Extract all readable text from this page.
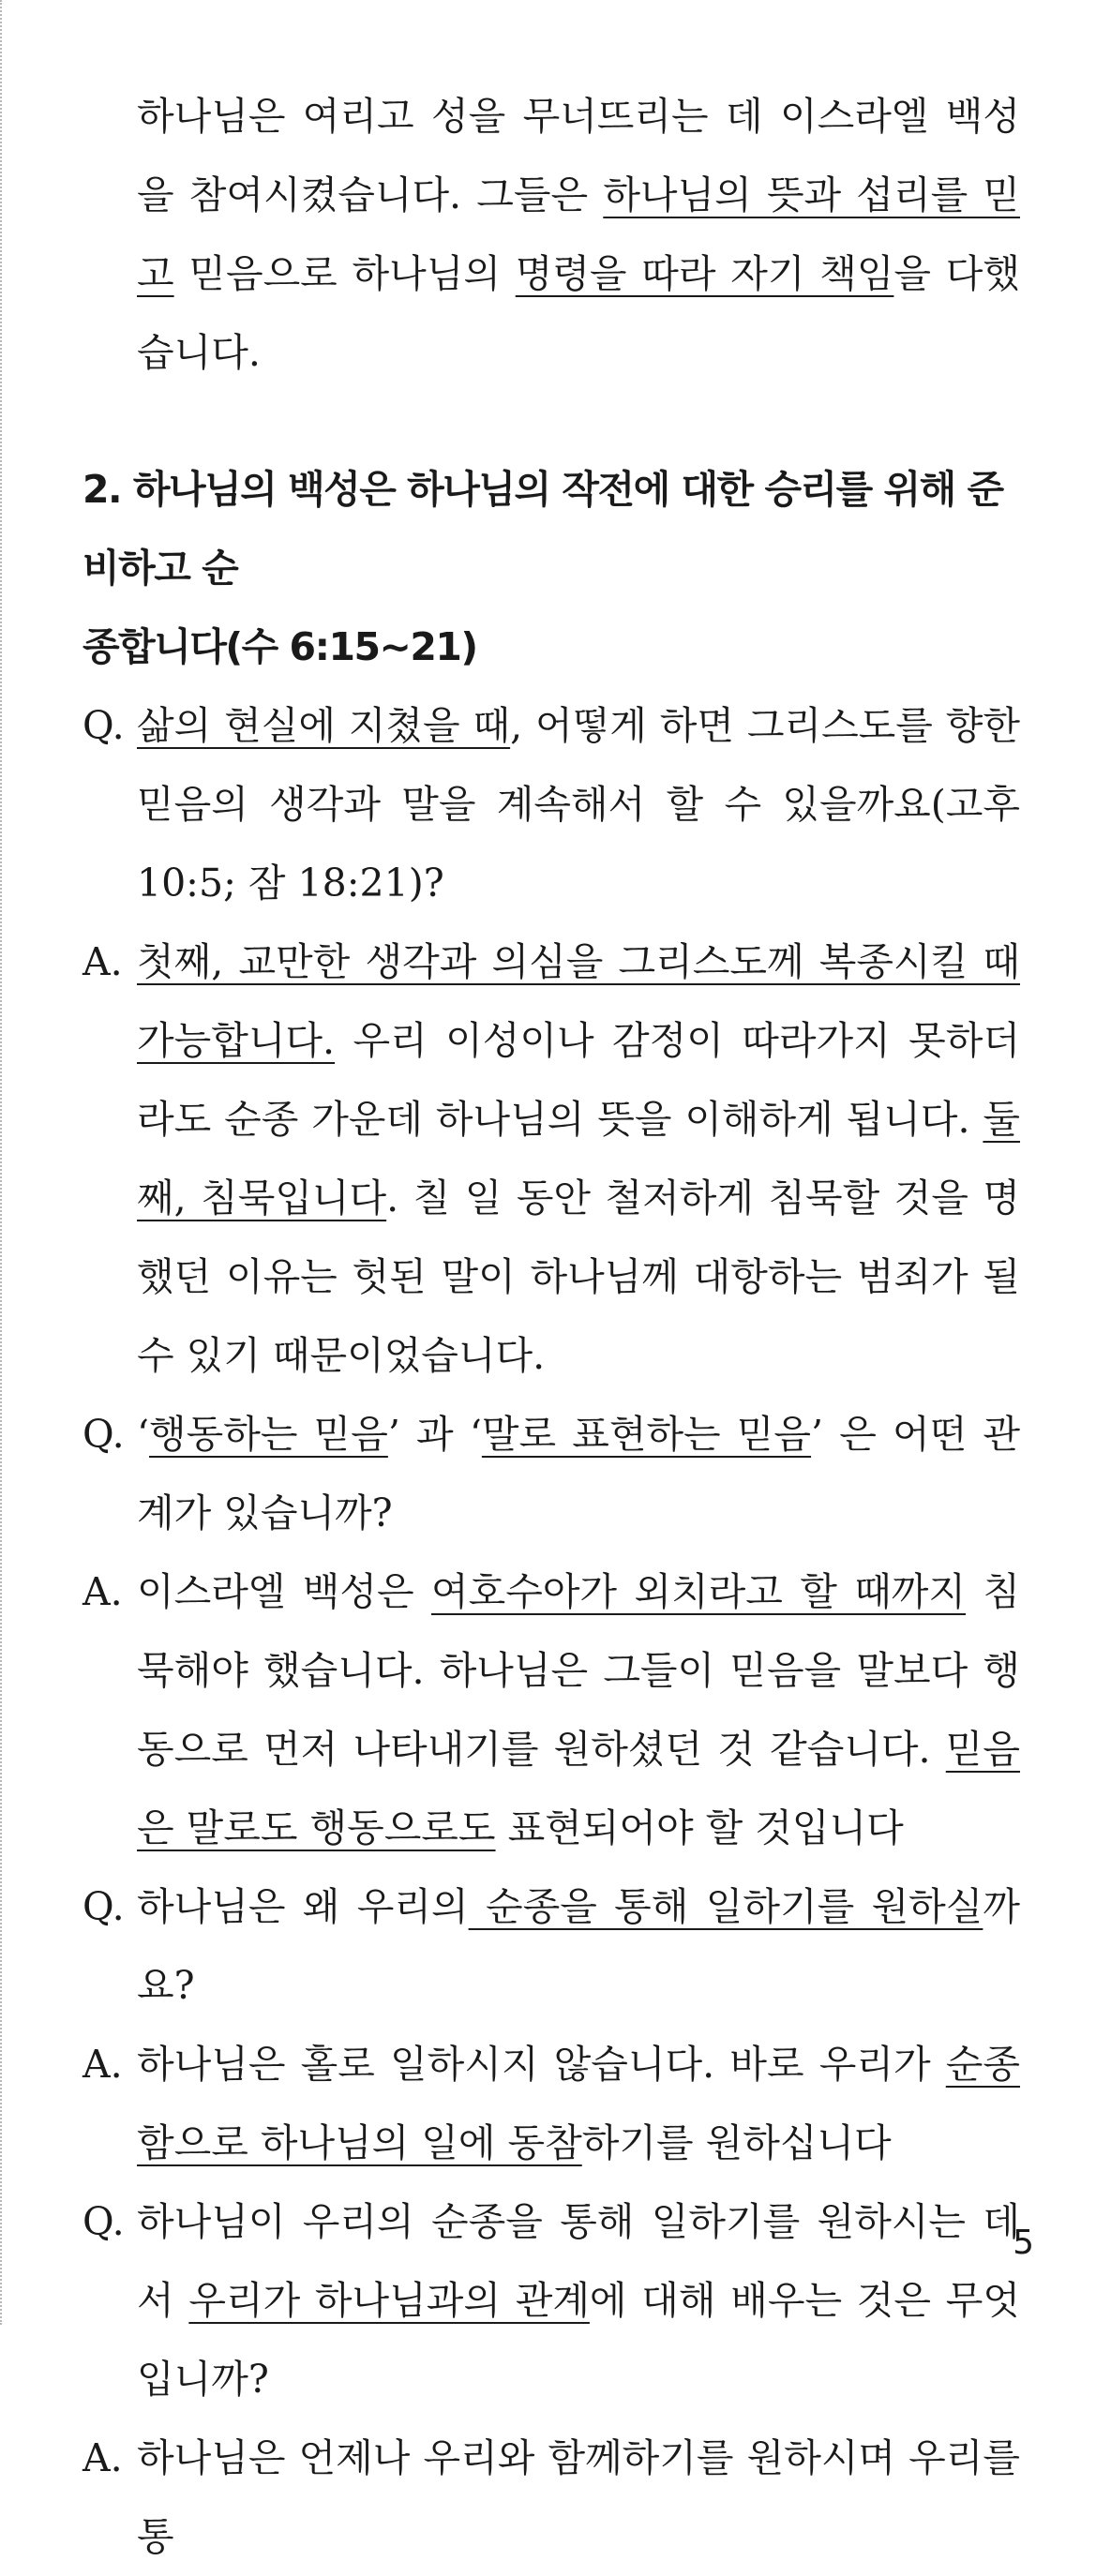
하나님은 여리고 성을 무너뜨리는 데 이스라엘 백성을 참여시켰습니다. 그들은 하나님의 뜻과 섭리를 믿고 믿음으로 하나님의 명령을 따라 자기 책임을 다했습니다.
2. 하나님의 백성은 하나님의 작전에 대한 승리를 위해 준비하고 순
종합니다(수 6:15~21)
Q. 삶의 현실에 지쳤을 때, 어떻게 하면 그리스도를 향한 믿음의 생각과 말을 계속해서 할 수 있을까요(고후 10:5; 잠 18:21)?
A. 첫째, 교만한 생각과 의심을 그리스도께 복종시킬 때 가능합니다. 우리 이성이나 감정이 따라가지 못하더라도 순종 가운데 하나님의 뜻을 이해하게 됩니다. 둘째, 침묵입니다. 칠 일 동안 철저하게 침묵할 것을 명했던 이유는 헛된 말이 하나님께 대항하는 범죄가 될 수 있기 때문이었습니다.
Q. ‘행동하는 믿음’ 과 ‘말로 표현하는 믿음’ 은 어떤 관계가 있습니까?
A. 이스라엘 백성은 여호수아가 외치라고 할 때까지 침묵해야 했습니다. 하나님은 그들이 믿음을 말보다 행동으로 먼저 나타내기를 원하셨던 것 같습니다. 믿음은 말로도 행동으로도 표현되어야 할 것입니다
Q. 하나님은 왜 우리의 순종을 통해 일하기를 원하실까요?
A. 하나님은 홀로 일하시지 않습니다. 바로 우리가 순종함으로 하나님의 일에 동참하기를 원하십니다
Q. 하나님이 우리의 순종을 통해 일하기를 원하시는 데서 우리가 하나님과의 관계에 대해 배우는 것은 무엇입니까?
A. 하나님은 언제나 우리와 함께하기를 원하시며 우리를 통
5
